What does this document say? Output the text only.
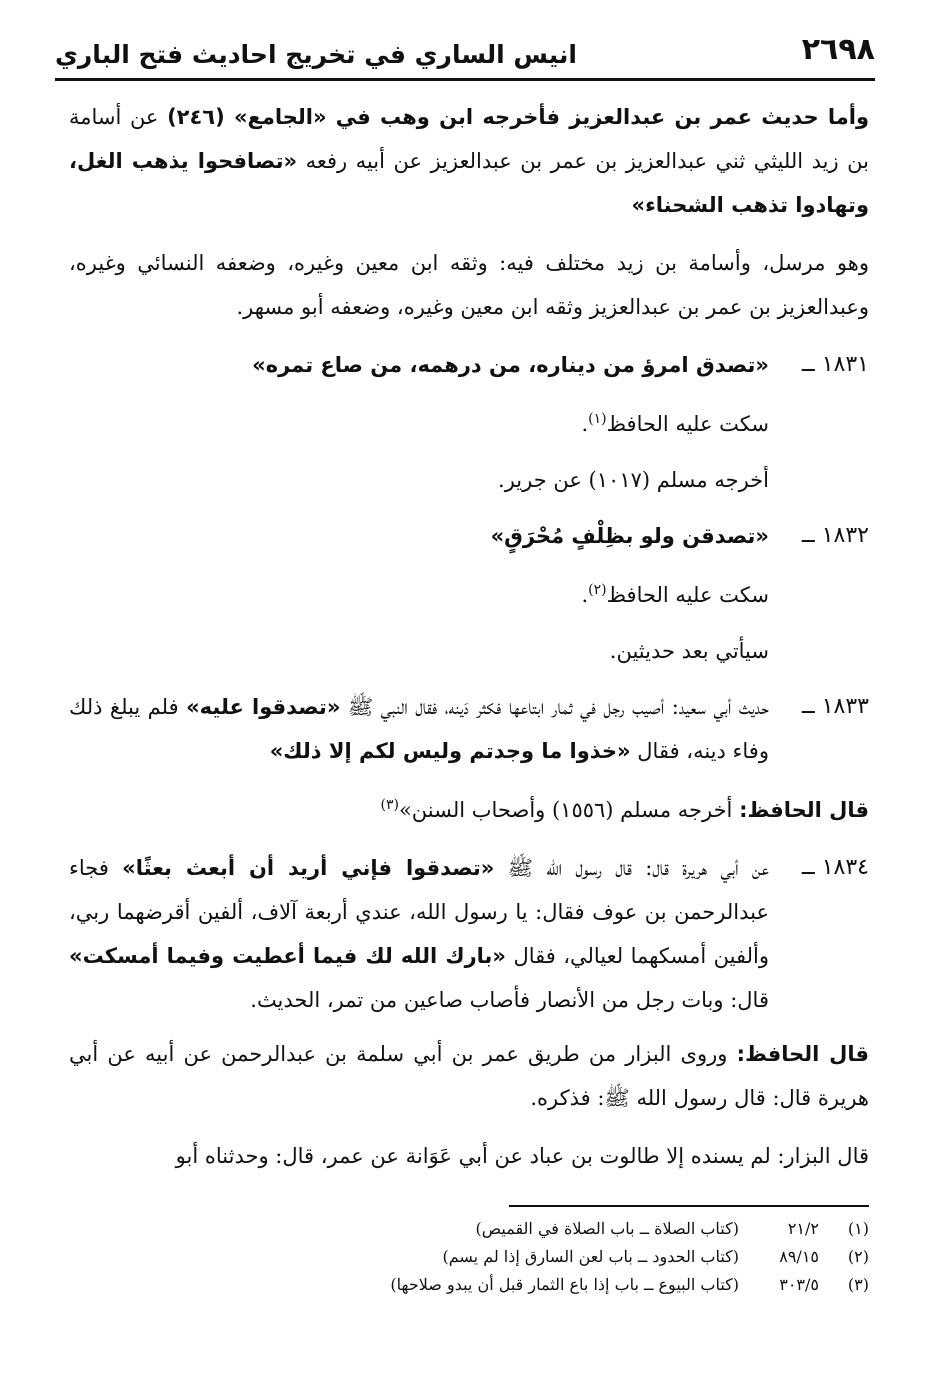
٢٦٩٨
انيس الساري في تخريج احاديث فتح الباري

وأما حديث عمر بن عبدالعزيز فأخرجه ابن وهب في «الجامع» (٢٤٦) عن أسامة بن زيد الليثي ثني عبدالعزيز بن عمر بن عبدالعزيز عن أبيه رفعه «تصافحوا يذهب الغل، وتهادوا تذهب الشحناء»

وهو مرسل، وأسامة بن زيد مختلف فيه: وثقه ابن معين وغيره، وضعفه النسائي وغيره، وعبدالعزيز بن عمر بن عبدالعزيز وثقه ابن معين وغيره، وضعفه أبو مسهر.

١٨٣١ ــ
«تصدق امرؤ من ديناره، من درهمه، من صاع تمره»

سكت عليه الحافظ$^{(١)}$.

أخرجه مسلم (١٠١٧) عن جرير.

١٨٣٢ ــ
«تصدقن ولو بظِلْفٍ مُحْرَقٍ»

سكت عليه الحافظ$^{(٢)}$.

سيأتي بعد حديثين.

١٨٣٣ ــ
حديث أبي سعيد: أصيب رجل في ثمار ابتاعها فكثر دَينه، فقال النبي ﷺ «تصدقوا عليه» فلم يبلغ ذلك وفاء دينه، فقال «خذوا ما وجدتم وليس لكم إلا ذلك»

قال الحافظ: أخرجه مسلم (١٥٥٦) وأصحاب السنن»$^{(٣)}$

١٨٣٤ ــ
عن أبي هريرة قال: قال رسول الله ﷺ «تصدقوا فإني أريد أن أبعث بعثًا» فجاء عبدالرحمن بن عوف فقال: يا رسول الله، عندي أربعة آلاف، ألفين أقرضهما ربي، وألفين أمسكهما لعيالي، فقال «بارك الله لك فيما أعطيت وفيما أمسكت» قال: وبات رجل من الأنصار فأصاب صاعين من تمر، الحديث.

قال الحافظ: وروى البزار من طريق عمر بن أبي سلمة بن عبدالرحمن عن أبيه عن أبي هريرة قال: قال رسول الله ﷺ: فذكره.

قال البزار: لم يسنده إلا طالوت بن عباد عن أبي عَوَانة عن عمر، قال: وحدثناه أبو

(١)
٢١/٢
(كتاب الصلاة ــ باب الصلاة في القميص)
(٢)
٨٩/١٥
(كتاب الحدود ــ باب لعن السارق إذا لم يسم)
(٣)
٣٠٣/٥
(كتاب البيوع ــ باب إذا باع الثمار قبل أن يبدو صلاحها)
